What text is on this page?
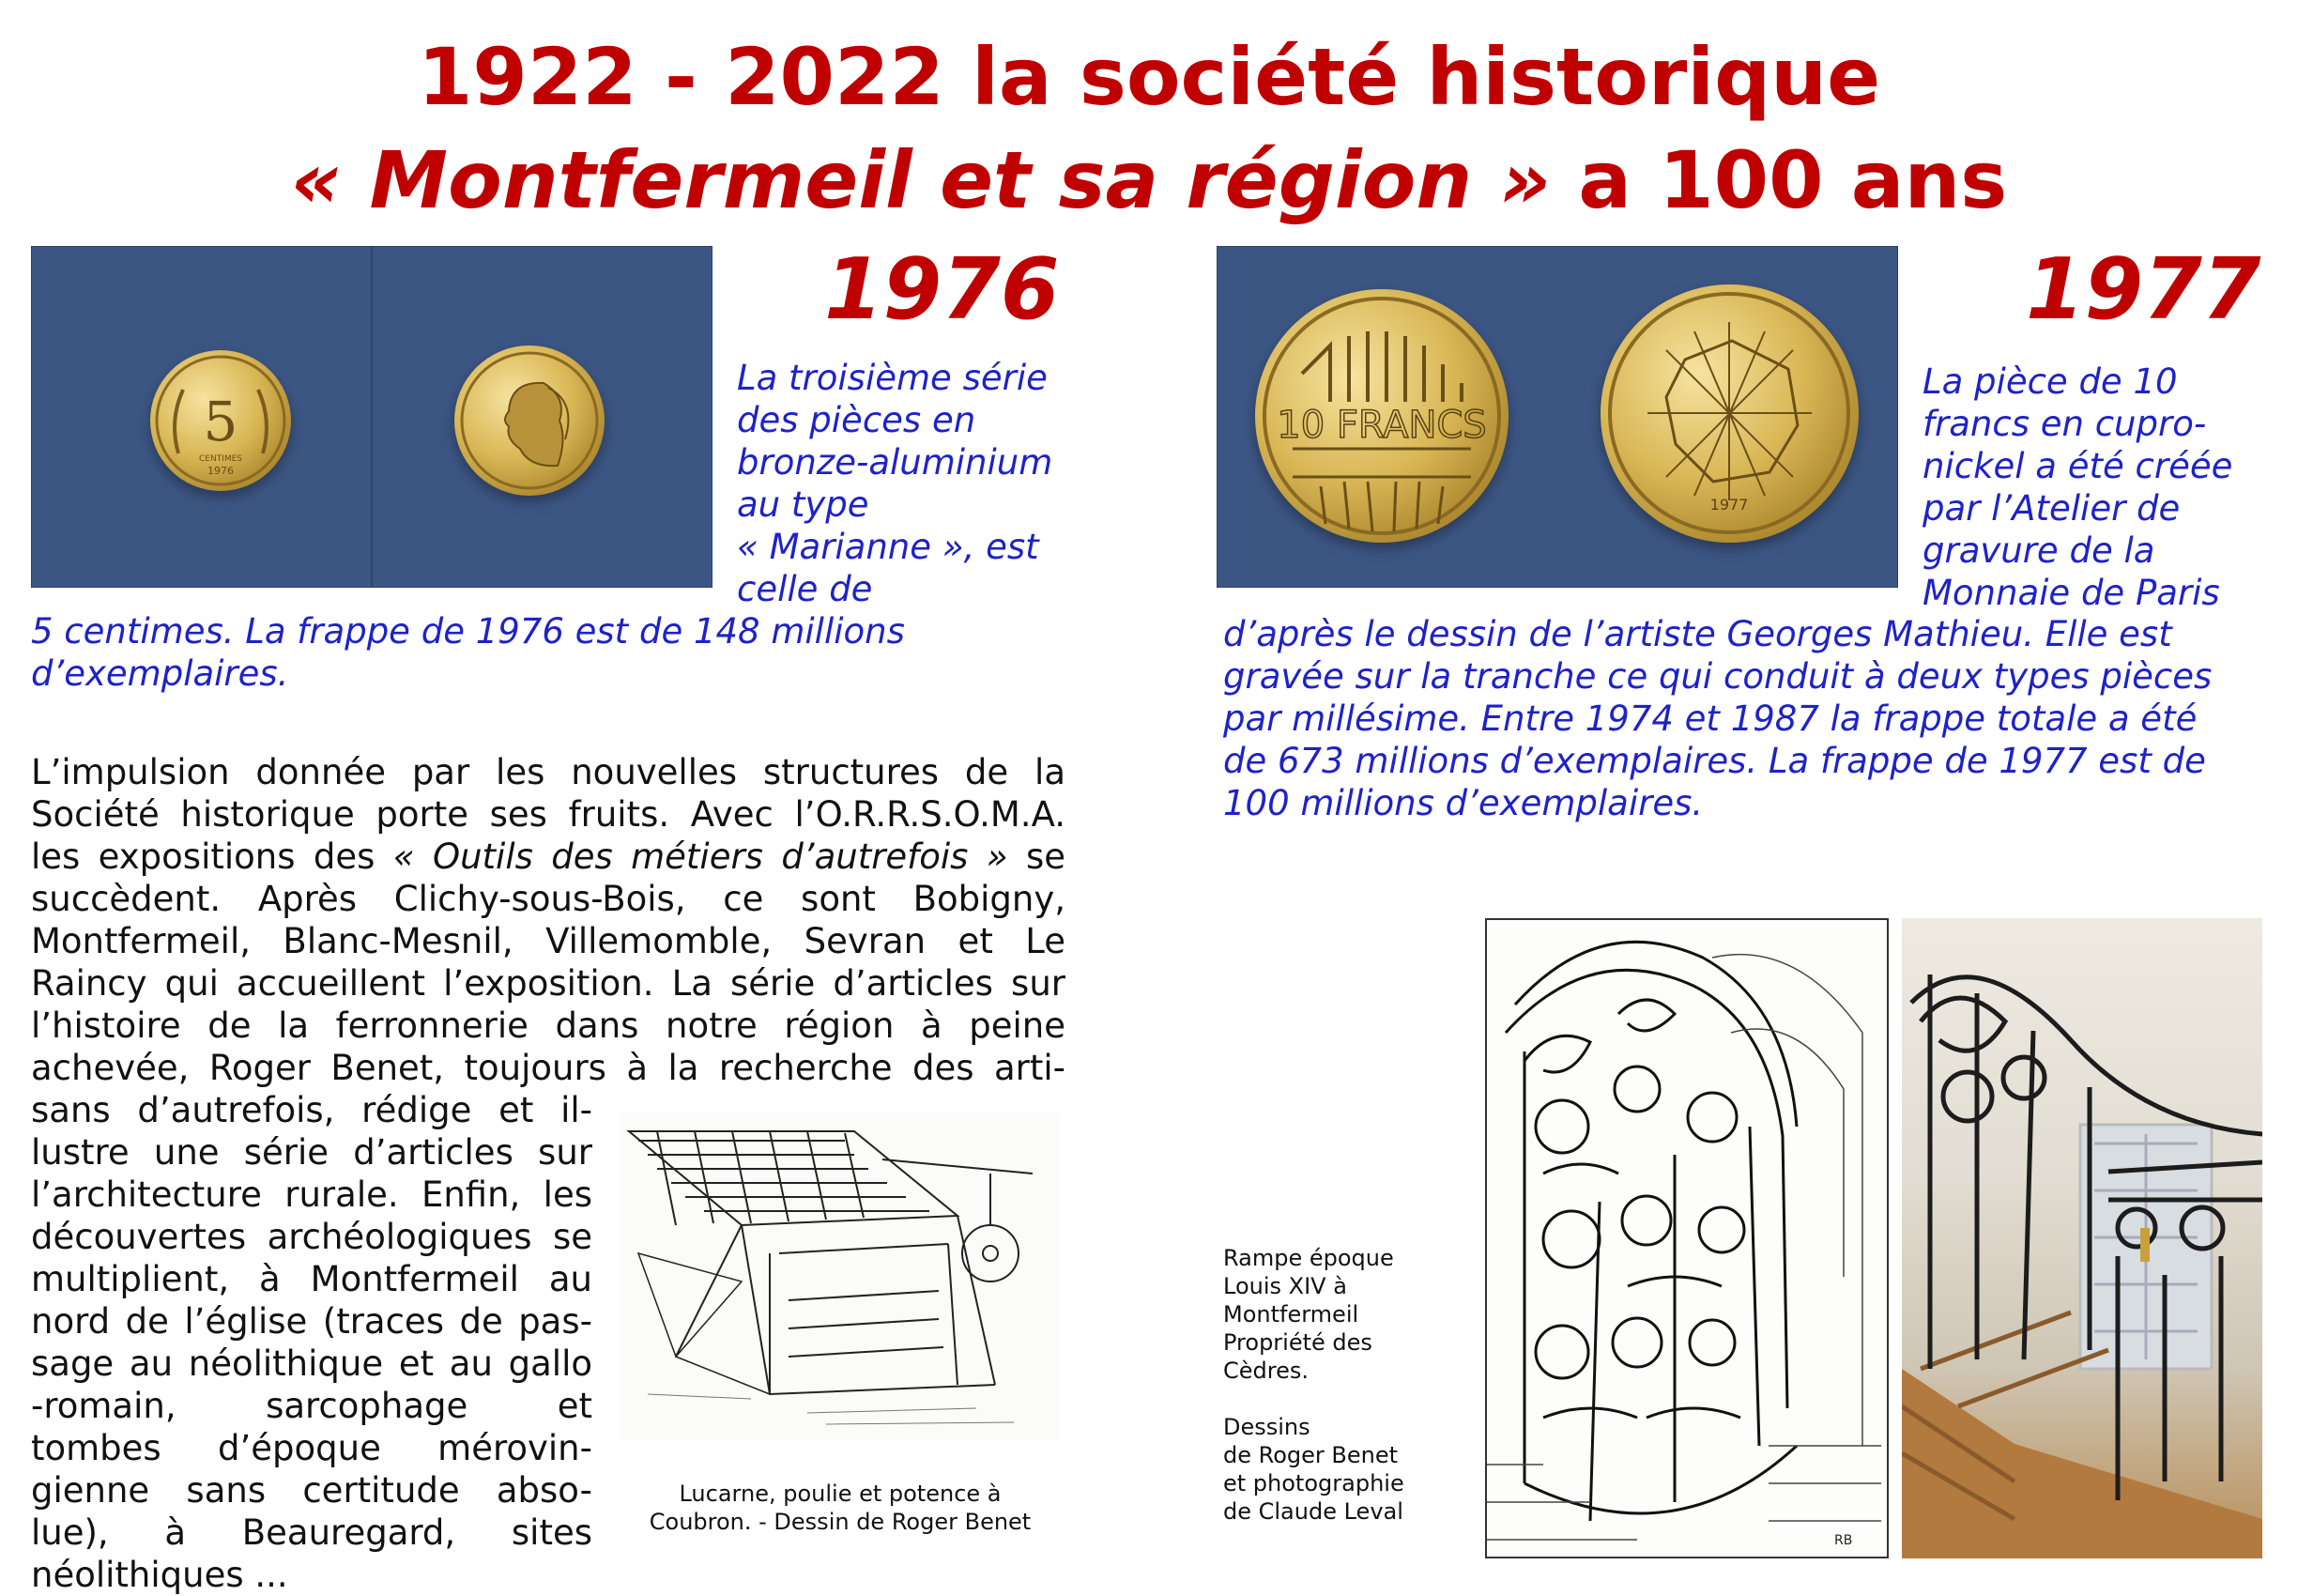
1922 - 2022 la société historique
« Montfermeil et sa région » a 100 ans
5
CENTIMES
1976
1976
La troisième série
des pièces en
bronze-aluminium
au type
« Marianne », est
celle de
5 centimes. La frappe de 1976 est de 148 millions
d’exemplaires.
10 FRANCS
1977
1977
La pièce de 10
francs en cupro-
nickel a été créée
par l’Atelier de
gravure de la
Monnaie de Paris
d’après le dessin de l’artiste Georges Mathieu. Elle est
gravée sur la tranche ce qui conduit à deux types pièces
par millésime. Entre 1974 et 1987 la frappe totale a été
de 673 millions d’exemplaires. La frappe de 1977 est de
100 millions d’exemplaires.
L’impulsion donnée par les nouvelles structures de la
Société historique porte ses fruits. Avec l’O.R.R.S.O.M.A.
les expositions des « Outils des métiers d’autrefois » se
succèdent. Après Clichy-sous-Bois, ce sont Bobigny,
Montfermeil, Blanc-Mesnil, Villemomble, Sevran et Le
Raincy qui accueillent l’exposition. La série d’articles sur
l’histoire de la ferronnerie dans notre région à peine
achevée, Roger Benet, toujours à la recherche des arti-
sans d’autrefois, rédige et il-
lustre une série d’articles sur
l’architecture rurale. Enfin, les
découvertes archéologiques se
multiplient, à Montfermeil au
nord de l’église (traces de pas-
sage au néolithique et au gallo
-romain, sarcophage et
tombes d’époque mérovin-
gienne sans certitude abso-
lue), à Beauregard, sites
néolithiques ...
Lucarne, poulie et potence à
Coubron. - Dessin de Roger Benet
Rampe époque
Louis XIV à
Montfermeil
Propriété des
Cèdres.
Dessins
de Roger Benet
et photographie
de Claude Leval
RB
